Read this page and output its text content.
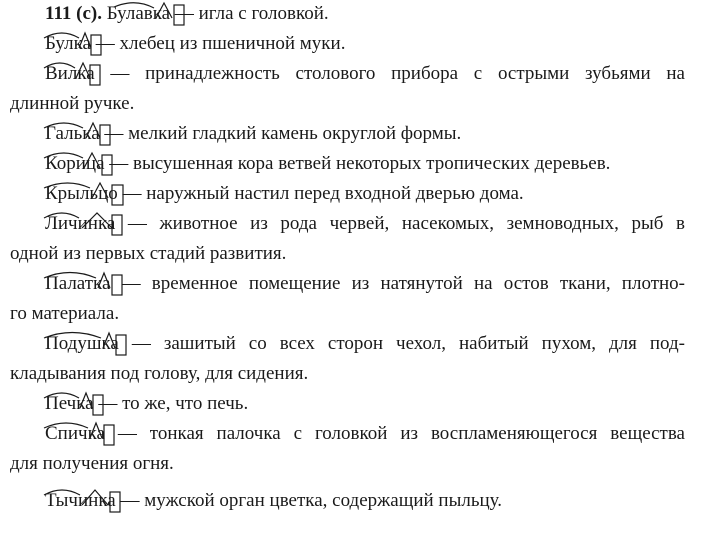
111 (с). Булавка — игла с головкой.
Булка — хлебец из пшеничной муки.
Вилка — принадлежность столового прибора с острыми зубьями на
длинной ручке.
Галька — мелкий гладкий камень округлой формы.
Корица — высушенная кора ветвей некоторых тропических деревьев.
Крыльцо — наружный настил перед входной дверью дома.
Личинка — животное из рода червей, насекомых, земноводных, рыб в
одной из первых стадий развития.
Палатка — временное помещение из натянутой на остов ткани, плотно-
го материала.
Подушка — зашитый со всех сторон чехол, набитый пухом, для под-
кладывания под голову, для сидения.
Печка — то же, что печь.
Спичка — тонкая палочка с головкой из воспламеняющегося вещества
для получения огня.
Тычинка — мужской орган цветка, содержащий пыльцу.
